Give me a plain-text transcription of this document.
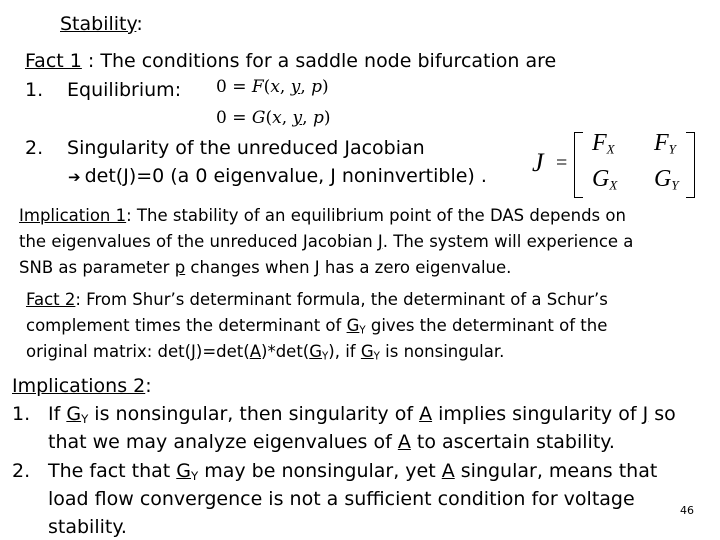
Stability:
Fact 1 : The conditions for a saddle node bifurcation are
1. Equilibrium: 0 = F(x, y, p)
0 = G(x, y, p)
2. Singularity of the unreduced Jacobian
➔ det(J)=0 (a 0 eigenvalue, J noninvertible) . J =
$F_X$ $F_Y$
$G_X$ $G_Y$
Implication 1: The stability of an equilibrium point of the DAS depends on
the eigenvalues of the unreduced Jacobian J. The system will experience a
SNB as parameter p changes when J has a zero eigenvalue.
Fact 2: From Shur’s determinant formula, the determinant of a Schur’s
complement times the determinant of $G_Y$ gives the determinant of the
original matrix: $\det(J)=\det(A)*\det(G_Y)$, if $G_Y$ is nonsingular.
Implications 2:
1. If $G_Y$ is nonsingular, then singularity of A implies singularity of J so
that we may analyze eigenvalues of A to ascertain stability.
2. The fact that $G_Y$ may be nonsingular, yet A singular, means that
load flow convergence is not a sufficient condition for voltage
stability.
46
